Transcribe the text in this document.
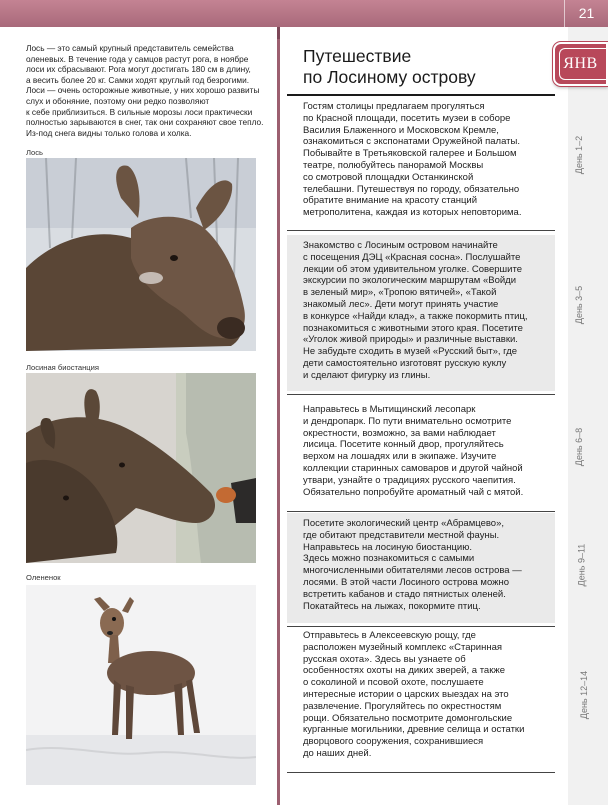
21
ЯНВ
Лось — это самый крупный представитель семейства
оленевых. В течение года у самцов растут рога, в ноябре
лоси их сбрасывают. Рога могут достигать 180 см в длину,
а весить более 20 кг. Самки ходят круглый год безрогими.
Лоси — очень осторожные животные, у них хорошо развиты
слух и обоняние, поэтому они редко позволяют
к себе приблизиться. В сильные морозы лоси практически
полностью зарываются в снег, так они сохраняют свое тепло.
Из-под снега видны только голова и холка.
Лось
Лосиная биостанция
Олененок
Путешествие
по Лосиному острову
Гостям столицы предлагаем прогуляться
по Красной площади, посетить музеи в соборе
Василия Блаженного и Московском Кремле,
ознакомиться с экспонатами Оружейной палаты.
Побывайте в Третьяковской галерее и Большом
театре, полюбуйтесь панорамой Москвы
со смотровой площадки Останкинской
телебашни. Путешествуя по городу, обязательно
обратите внимание на красоту станций
метрополитена, каждая из которых неповторима.
День 1–2
Знакомство с Лосиным островом начинайте
с посещения ДЭЦ «Красная сосна». Послушайте
лекции об этом удивительном уголке. Совершите
экскурсии по экологическим маршрутам «Войди
в зеленый мир», «Тропою вятичей», «Такой
знакомый лес». Дети могут принять участие
в конкурсе «Найди клад», а также покормить птиц,
познакомиться с животными этого края. Посетите
«Уголок живой природы» и различные выставки.
Не забудьте сходить в музей «Русский быт», где
дети самостоятельно изготовят русскую куклу
и сделают фигурку из глины.
День 3–5
Направьтесь в Мытищинский лесопарк
и дендропарк. По пути внимательно осмотрите
окрестности, возможно, за вами наблюдает
лисица. Посетите конный двор, прогуляйтесь
верхом на лошадях или в экипаже. Изучите
коллекции старинных самоваров и другой чайной
утвари, узнайте о традициях русского чаепития.
Обязательно попробуйте ароматный чай с мятой.
День 6–8
Посетите экологический центр «Абрамцево»,
где обитают представители местной фауны.
Направьтесь на лосиную биостанцию.
Здесь можно познакомиться с самыми
многочисленными обитателями лесов острова —
лосями. В этой части Лосиного острова можно
встретить кабанов и стадо пятнистых оленей.
Покатайтесь на лыжах, покормите птиц.
День 9–11
Отправьтесь в Алексеевскую рощу, где
расположен музейный комплекс «Старинная
русская охота». Здесь вы узнаете об
особенностях охоты на диких зверей, а также
о соколиной и псовой охоте, послушаете
интересные истории о царских выездах на это
развлечение. Прогуляйтесь по окрестностям
рощи. Обязательно посмотрите домонгольские
курганные могильники, древние селища и остатки
дворцового сооружения, сохранившиеся
до наших дней.
День 12–14
